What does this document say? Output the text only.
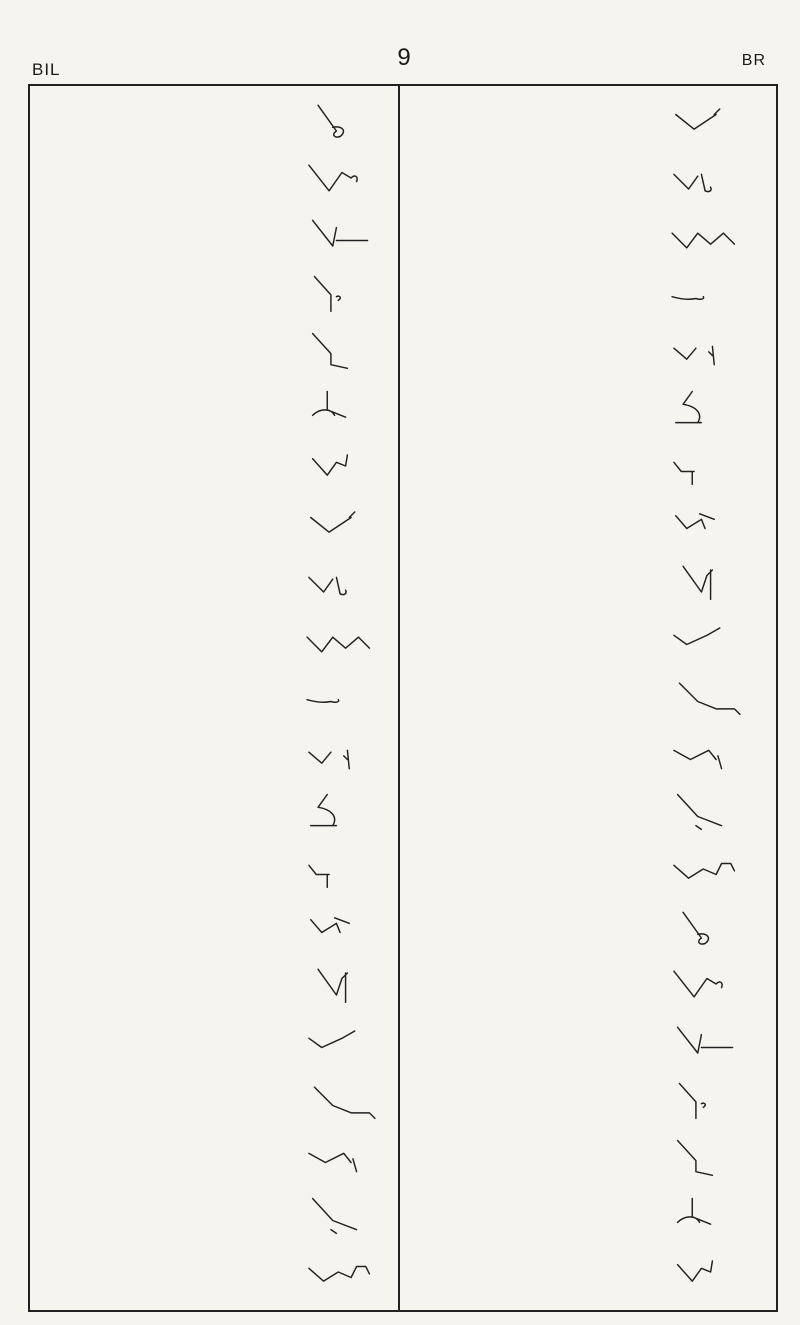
BIL	9	BR
